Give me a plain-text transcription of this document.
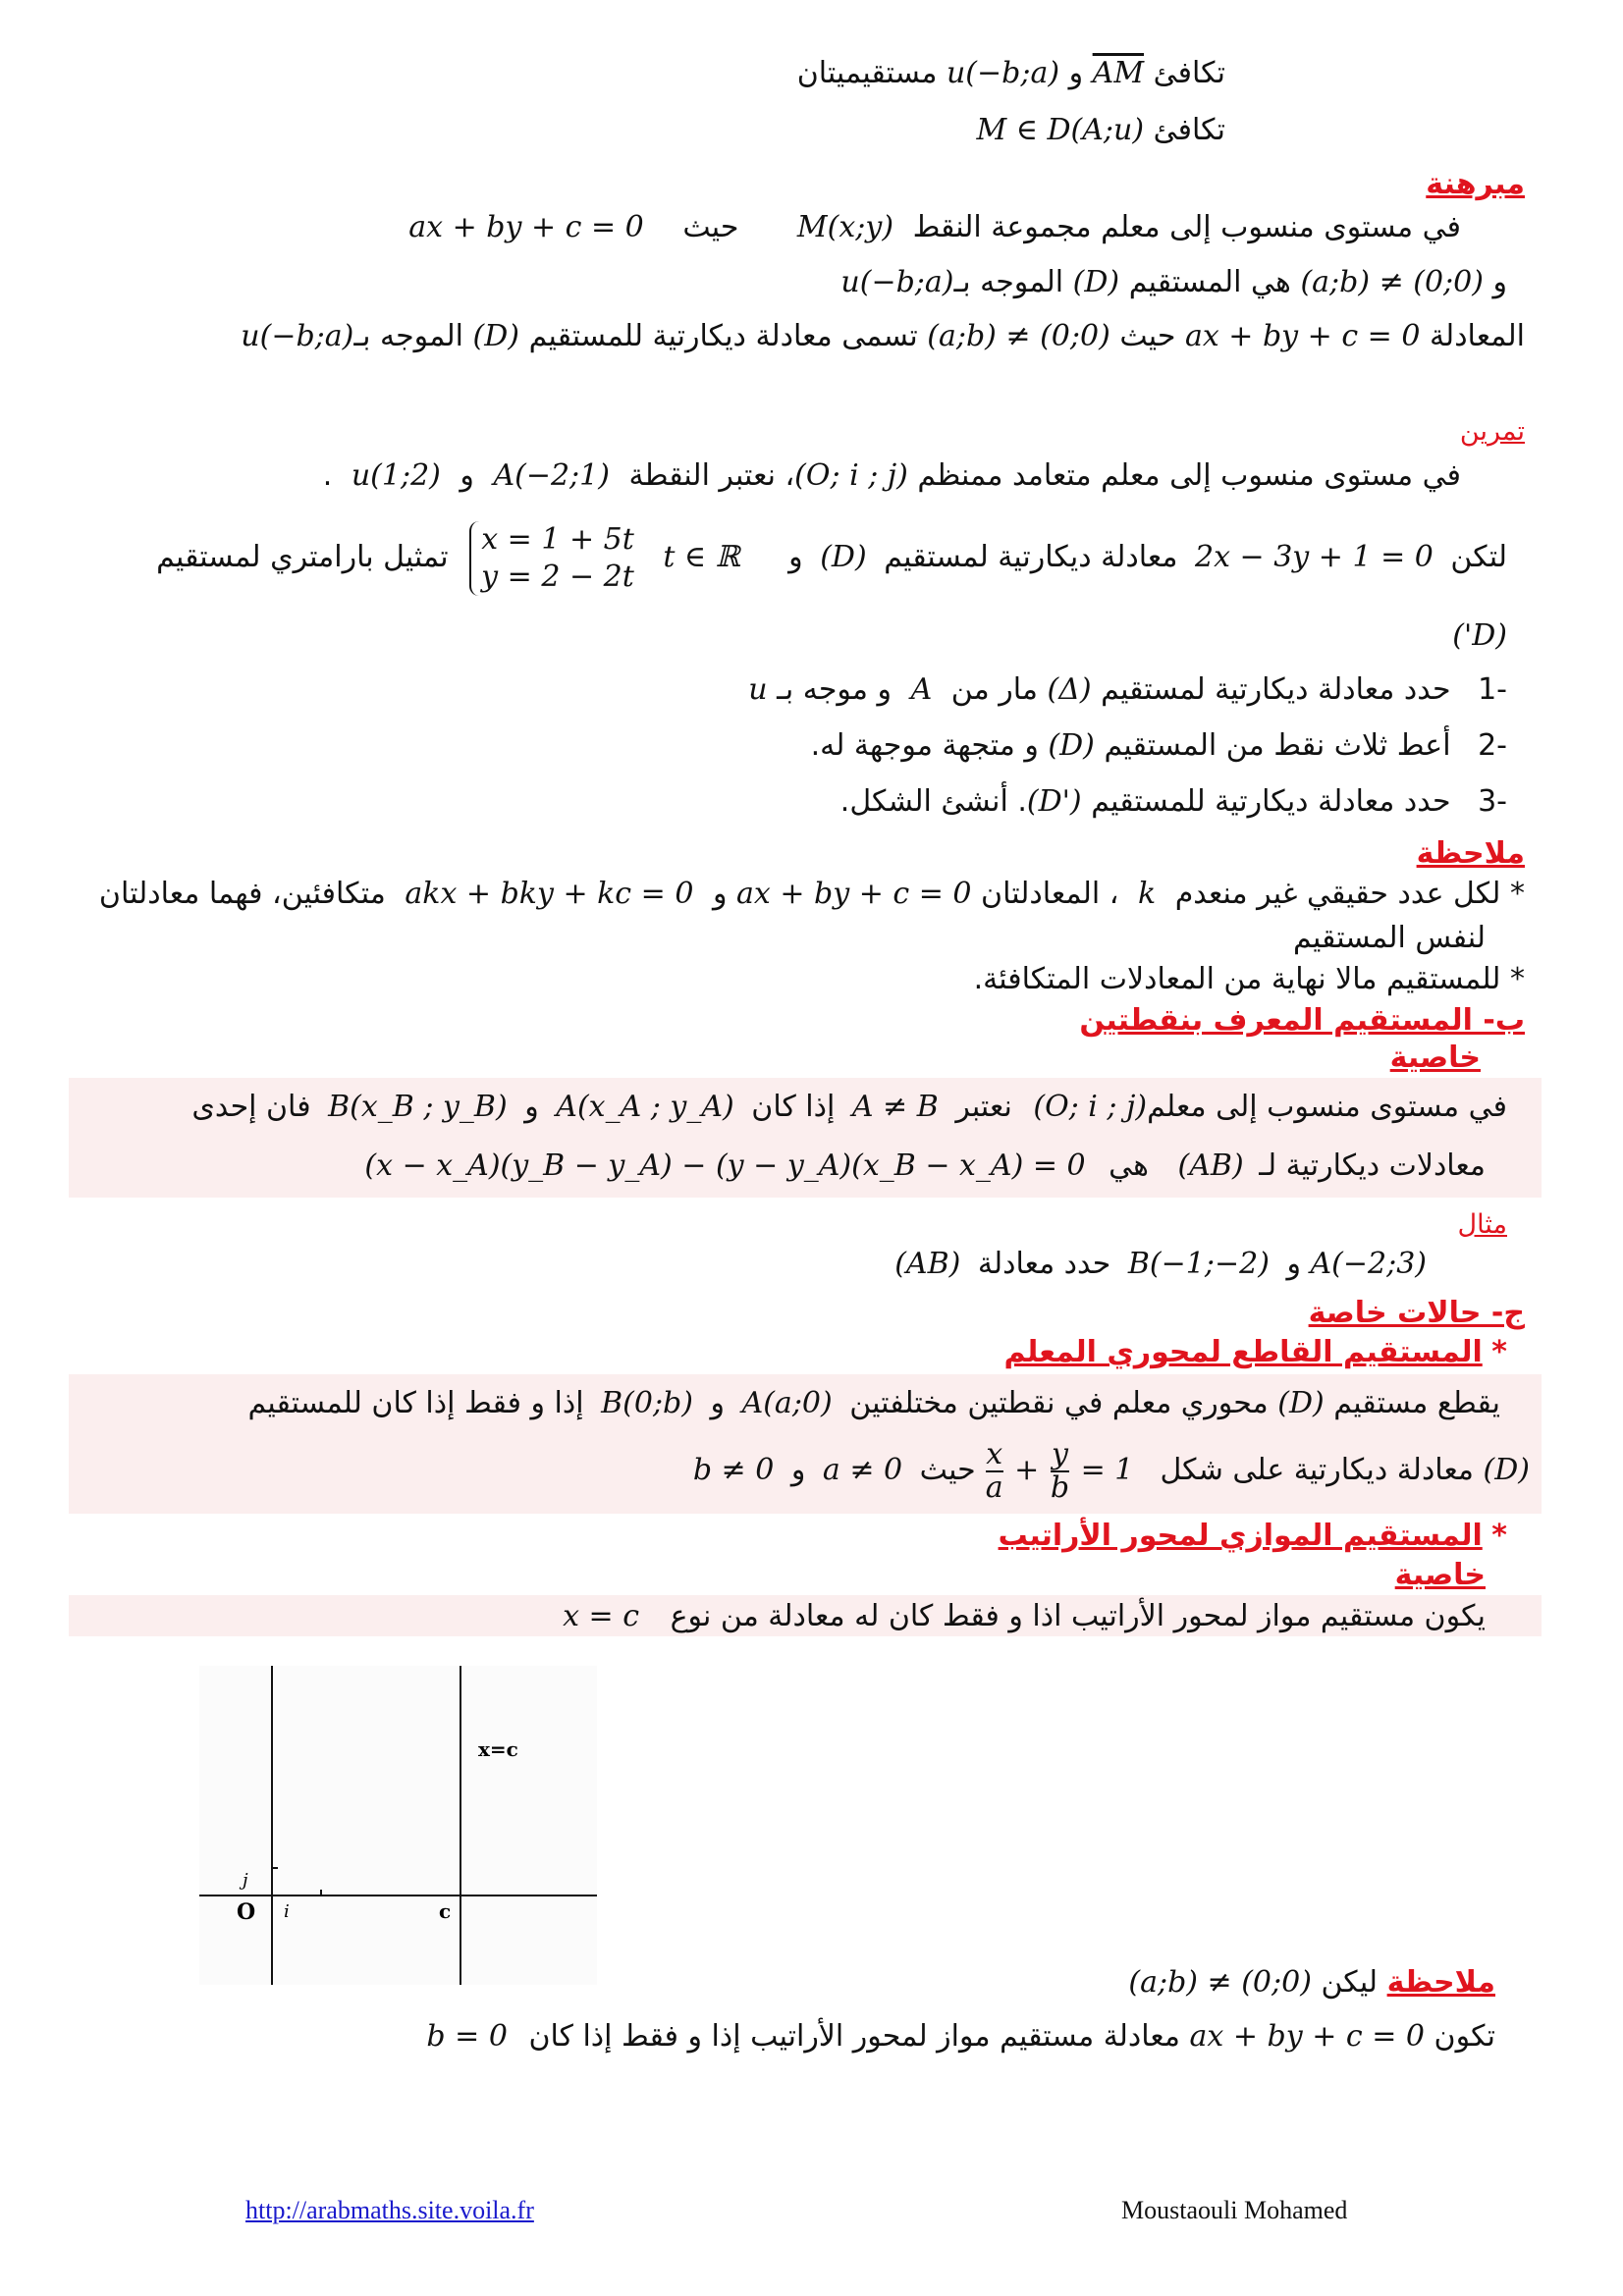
تكافئ AM و u(−b;a) مستقيميتان
تكافئ M ∈ D(A;u)
مبرهنة
في مستوى منسوب إلى معلم مجموعة النقط M(x;y) حيث ax + by + c = 0
و (a;b) ≠ (0;0) هي المستقيم (D) الموجه بـu(−b;a)
المعادلة ax + by + c = 0 حيث (a;b) ≠ (0;0) تسمى معادلة ديكارتية للمستقيم (D) الموجه بـu(−b;a)
تمرين
في مستوى منسوب إلى معلم متعامد ممنظم (O; i ; j)، نعتبر النقطة A(−2;1) و u(1;2) .
لتكن 2x − 3y + 1 = 0 معادلة ديكارتية لمستقيم (D) و t ∈ ℝ
x = 1 + 5t
y = 2 − 2t
تمثيل بارامتري لمستقيم
(D')
-1 حدد معادلة ديكارتية لمستقيم (Δ) مار من A و موجه بـ u
-2 أعط ثلاث نقط من المستقيم (D) و متجهة موجهة له.
-3 حدد معادلة ديكارتية للمستقيم (D'). أنشئ الشكل.
ملاحظة
* لكل عدد حقيقي غير منعدم k ، المعادلتان ax + by + c = 0 و akx + bky + kc = 0 متكافئين، فهما معادلتان
لنفس المستقيم
* للمستقيم مالا نهاية من المعادلات المتكافئة.
ب- المستقيم المعرف بنقطتين
خاصية
في مستوى منسوب إلى معلم(O; i ; j) نعتبر A ≠ B إذا كان A(x_A ; y_A) و B(x_B ; y_B) فان إحدى
معادلات ديكارتية لـ (AB) هي (x − x_A)(y_B − y_A) − (y − y_A)(x_B − x_A) = 0
مثال
A(−2;3) و B(−1;−2) حدد معادلة (AB)
ج- حالات خاصة
* المستقيم القاطع لمحوري المعلم
يقطع مستقيم (D) محوري معلم في نقطتين مختلفتين A(a;0) و B(0;b) إذا و فقط إذا كان للمستقيم
(D) معادلة ديكارتية على شكل
$\frac{x}{a} + \frac{y}{b} = 1$ حيث a ≠ 0 و b ≠ 0
* المستقيم الموازي لمحور الأراتيب
خاصية
يكون مستقيم مواز لمحور الأراتيب اذا و فقط كان له معادلة من نوع x = c
x=c
O i
j
c
ملاحظة ليكن (a;b) ≠ (0;0)
تكون ax + by + c = 0 معادلة مستقيم مواز لمحور الأراتيب إذا و فقط إذا كان b = 0
http://arabmaths.site.voila.fr	Moustaouli Mohamed
